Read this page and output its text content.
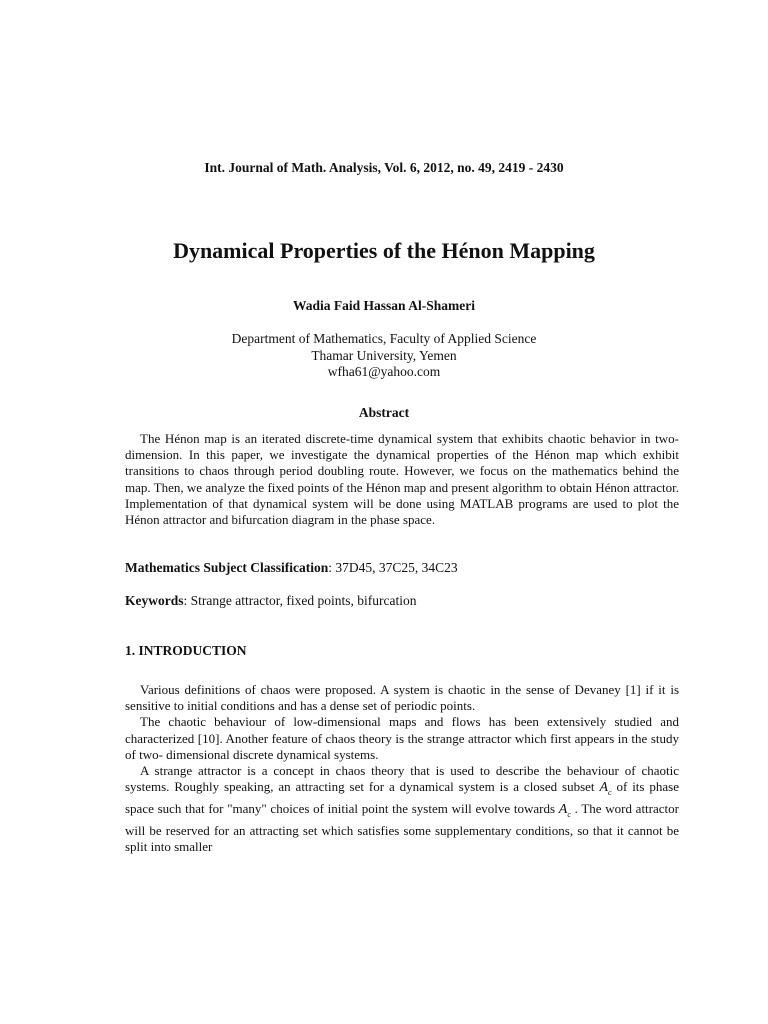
Int. Journal of Math. Analysis, Vol. 6, 2012, no. 49, 2419 - 2430
Dynamical Properties of the Hénon Mapping
Wadia Faid Hassan Al-Shameri
Department of Mathematics, Faculty of Applied Science
Thamar University, Yemen
wfha61@yahoo.com
Abstract

The Hénon map is an iterated discrete-time dynamical system that exhibits chaotic behavior in two-dimension. In this paper, we investigate the dynamical properties of the Hénon map which exhibit transitions to chaos through period doubling route. However, we focus on the mathematics behind the map. Then, we analyze the fixed points of the Hénon map and present algorithm to obtain Hénon attractor. Implementation of that dynamical system will be done using MATLAB programs are used to plot the Hénon attractor and bifurcation diagram in the phase space.

Mathematics Subject Classification: 37D45, 37C25, 34C23
Keywords: Strange attractor, fixed points, bifurcation
1. INTRODUCTION

Various definitions of chaos were proposed. A system is chaotic in the sense of Devaney [1] if it is sensitive to initial conditions and has a dense set of periodic points.

The chaotic behaviour of low-dimensional maps and flows has been extensively studied and characterized [10]. Another feature of chaos theory is the strange attractor which first appears in the study of two- dimensional discrete dynamical systems.

A strange attractor is a concept in chaos theory that is used to describe the behaviour of chaotic systems. Roughly speaking, an attracting set for a dynamical system is a closed subset $A_c$ of its phase space such that for "many" choices of initial point the system will evolve towards $A_c$ . The word attractor will be reserved for an attracting set which satisfies some supplementary conditions, so that it cannot be split into smaller
